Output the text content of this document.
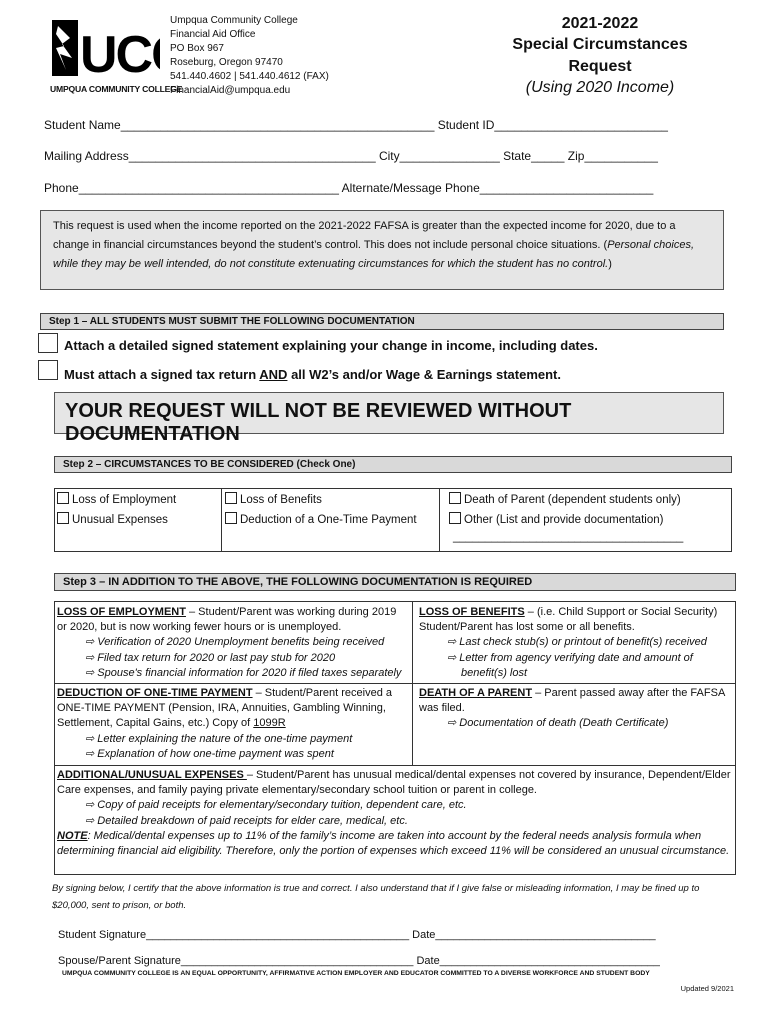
UC
UMPQUA COMMUNITY COLLEGE
Umpqua Community College
Financial Aid Office
PO Box 967
Roseburg, Oregon 97470
541.440.4602 | 541.440.4612 (FAX)
FinancialAid@umpqua.edu
2021-2022
Special Circumstances Request
(Using 2020 Income)
Student Name_______________________________________________ Student ID__________________________
Mailing Address_____________________________________ City_______________ State_____ Zip___________
Phone_______________________________________ Alternate/Message Phone__________________________
This request is used when the income reported on the 2021-2022 FAFSA is greater than the expected income for 2020, due to a change in financial circumstances beyond the student’s control. This does not include personal choice situations. (Personal choices, while they may be well intended, do not constitute extenuating circumstances for which the student has no control.)
Step 1 – ALL STUDENTS MUST SUBMIT THE FOLLOWING DOCUMENTATION
Attach a detailed signed statement explaining your change in income, including dates.
Must attach a signed tax return AND all W2’s and/or Wage & Earnings statement.
YOUR REQUEST WILL NOT BE REVIEWED WITHOUT DOCUMENTATION
Step 2 – CIRCUMSTANCES TO BE CONSIDERED (Check One)
Loss of Employment	Loss of Benefits	Death of Parent (dependent students only)
Unusual Expenses	Deduction of a One-Time Payment	Other (List and provide documentation)
____________________________________
Step 3 – IN ADDITION TO THE ABOVE, THE FOLLOWING DOCUMENTATION IS REQUIRED
LOSS OF EMPLOYMENT – Student/Parent was working during 2019 or 2020, but is now working fewer hours or is unemployed.
⇨ Verification of 2020 Unemployment benefits being received
⇨ Filed tax return for 2020 or last pay stub for 2020
⇨ Spouse's financial information for 2020 if filed taxes separately
LOSS OF BENEFITS – (i.e. Child Support or Social Security) Student/Parent has lost some or all benefits.
⇨ Last check stub(s) or printout of benefit(s) received
⇨ Letter from agency verifying date and amount of
benefit(s) lost
DEDUCTION OF ONE-TIME PAYMENT – Student/Parent received a ONE-TIME PAYMENT (Pension, IRA, Annuities, Gambling Winning, Settlement, Capital Gains, etc.) Copy of 1099R
⇨ Letter explaining the nature of the one-time payment
⇨ Explanation of how one-time payment was spent
DEATH OF A PARENT – Parent passed away after the FAFSA was filed.
⇨ Documentation of death (Death Certificate)
ADDITIONAL/UNUSUAL EXPENSES – Student/Parent has unusual medical/dental expenses not covered by insurance, Dependent/Elder Care expenses, and family paying private elementary/secondary school tuition or parent in college.
⇨ Copy of paid receipts for elementary/secondary tuition, dependent care, etc.
⇨ Detailed breakdown of paid receipts for elder care, medical, etc.
NOTE: Medical/dental expenses up to 11% of the family’s income are taken into account by the federal needs analysis formula when determining financial aid eligibility. Therefore, only the portion of expenses which exceed 11% will be considered an unusual circumstance.
By signing below, I certify that the above information is true and correct. I also understand that if I give false or misleading information, I may be fined up to $20,000, sent to prison, or both.
Student Signature___________________________________________ Date____________________________________
Spouse/Parent Signature______________________________________ Date____________________________________
UMPQUA COMMUNITY COLLEGE IS AN EQUAL OPPORTUNITY, AFFIRMATIVE ACTION EMPLOYER AND EDUCATOR COMMITTED TO A DIVERSE WORKFORCE AND STUDENT BODY
Updated 9/2021
